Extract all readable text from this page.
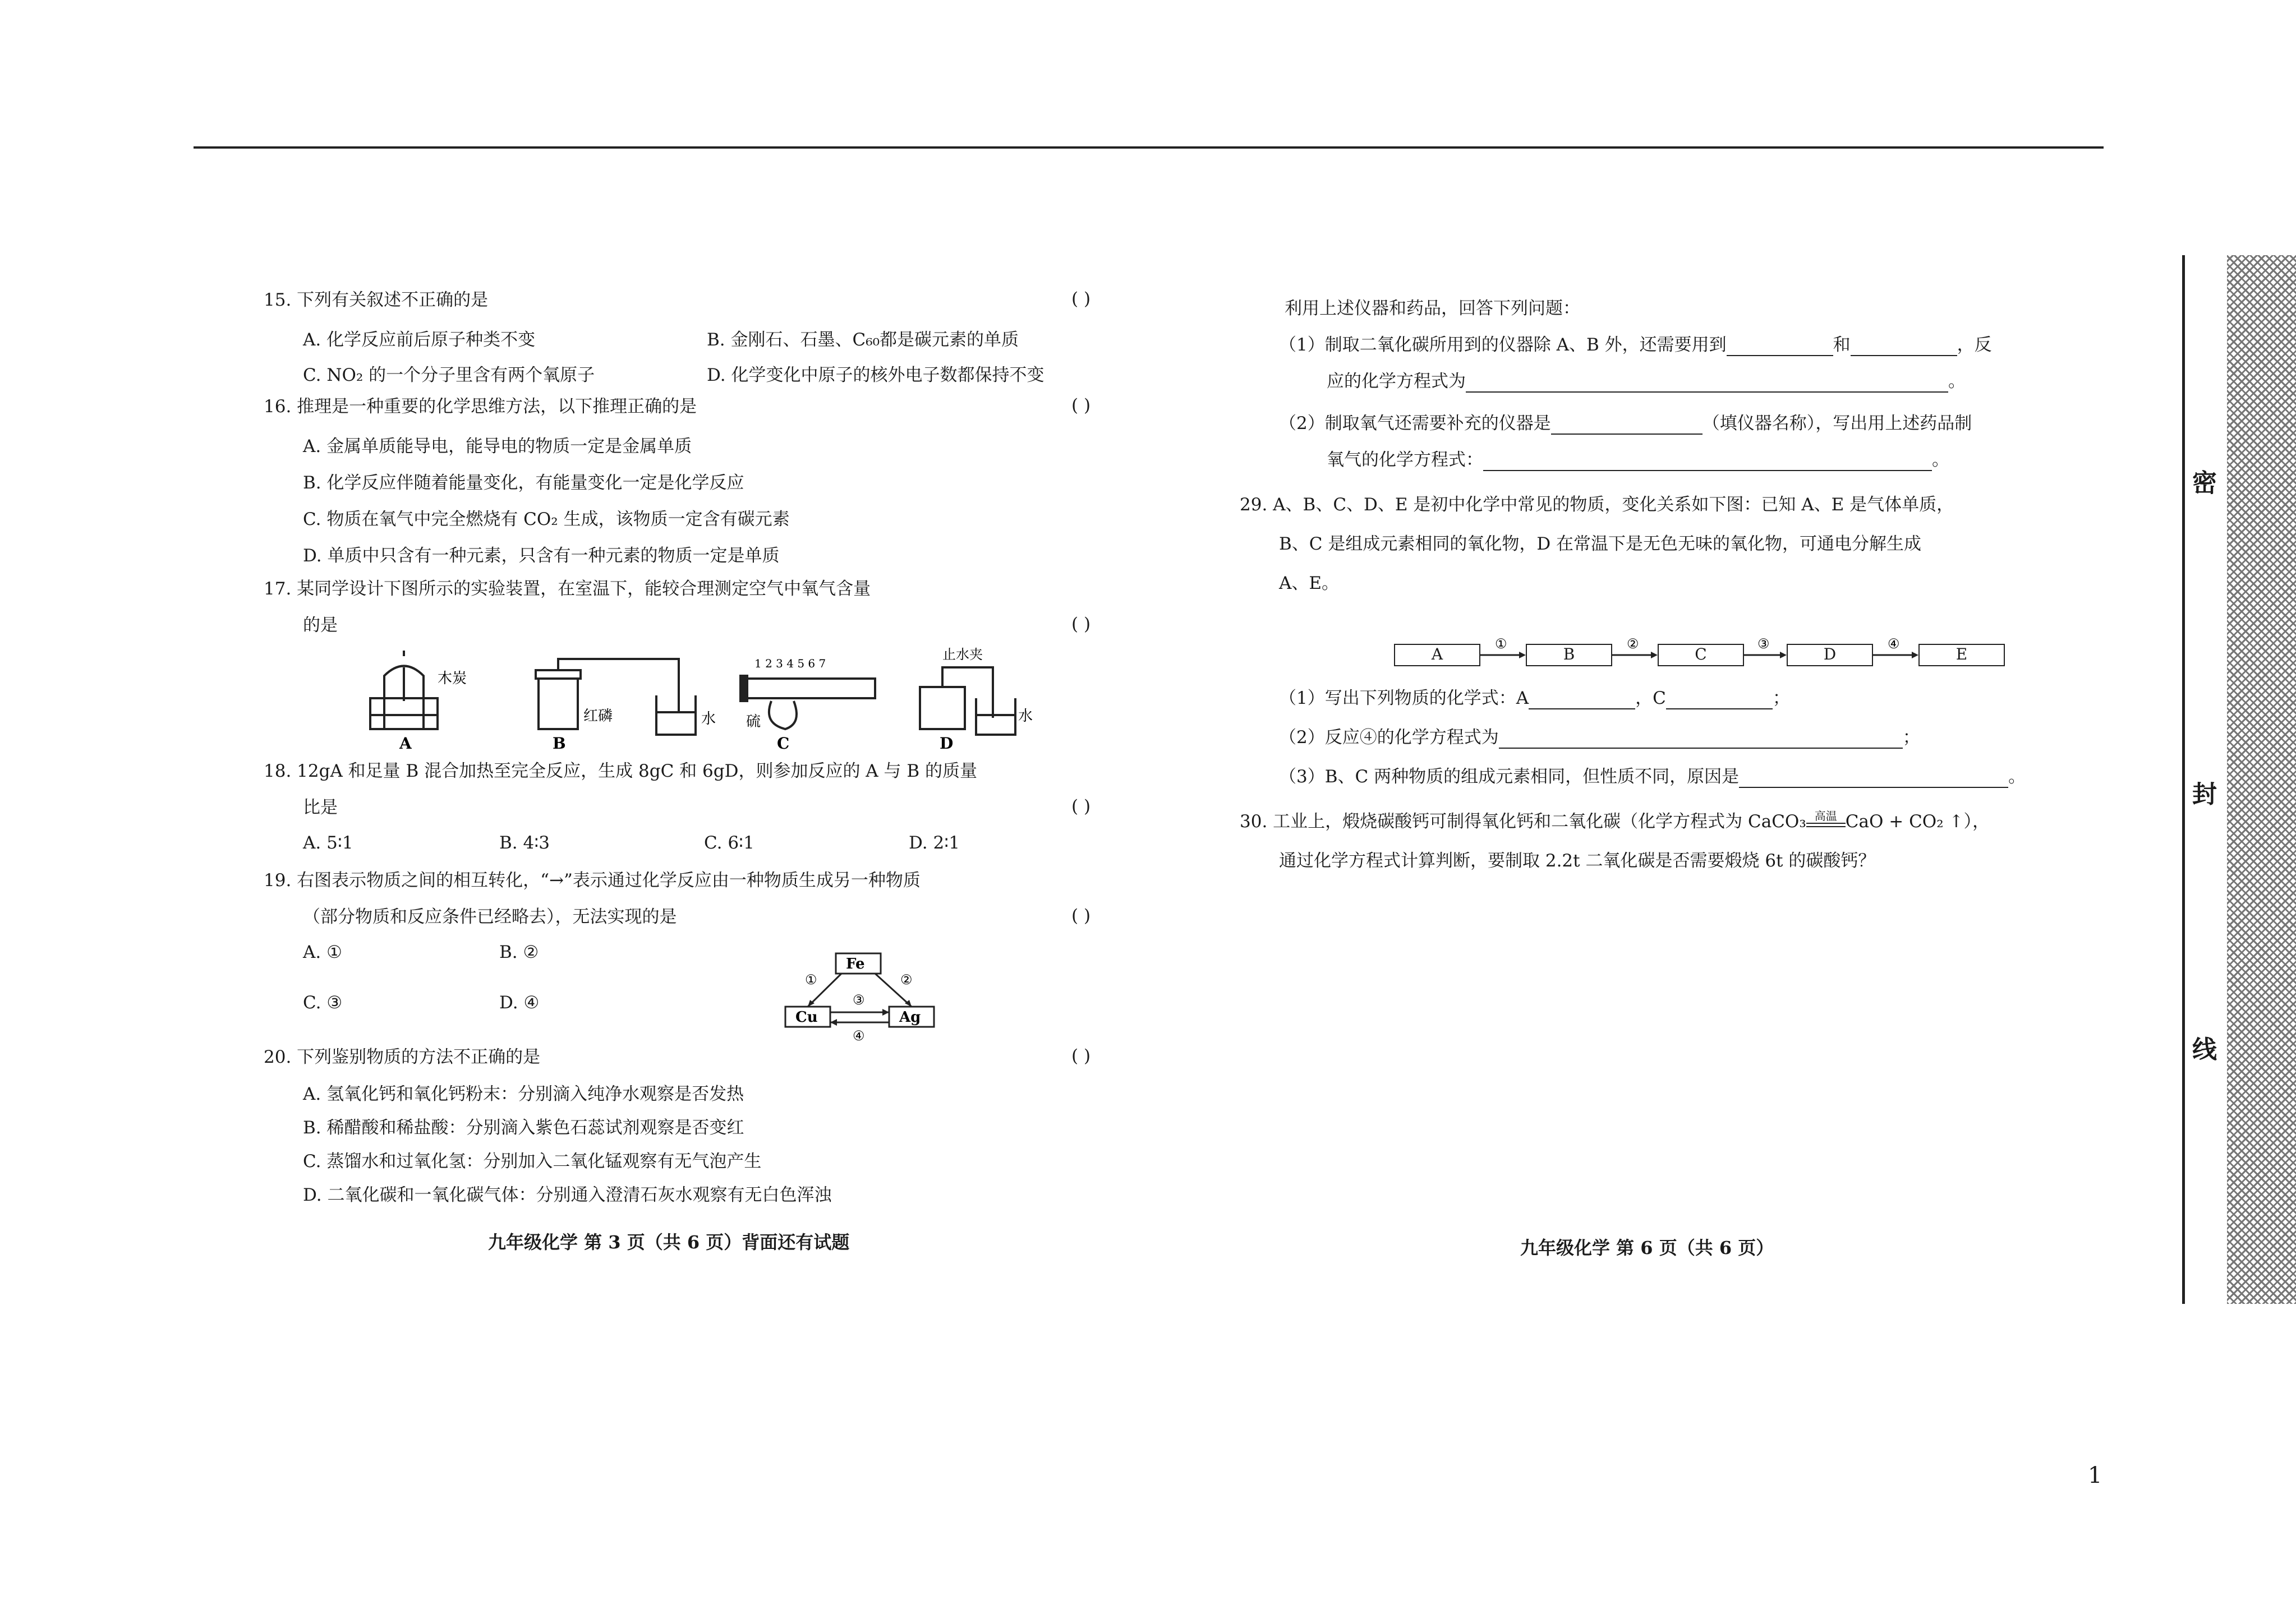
15. 下列有关叙述不正确的是	( )
A. 化学反应前后原子种类不变	B. 金刚石、石墨、C₆₀都是碳元素的单质
C. NO₂ 的一个分子里含有两个氧原子	D. 化学变化中原子的核外电子数都保持不变
16. 推理是一种重要的化学思维方法，以下推理正确的是	( )
A. 金属单质能导电，能导电的物质一定是金属单质
B. 化学反应伴随着能量变化，有能量变化一定是化学反应
C. 物质在氧气中完全燃烧有 CO₂ 生成，该物质一定含有碳元素
D. 单质中只含有一种元素，只含有一种元素的物质一定是单质
17. 某同学设计下图所示的实验装置，在室温下，能较合理测定空气中氧气含量
的是	( )
木炭
A
红磷	水
B
1 2 3 4 5 6 7
硫
C
止水夹
水
D
18. 12gA 和足量 B 混合加热至完全反应，生成 8gC 和 6gD，则参加反应的 A 与 B 的质量
比是	( )
A. 5∶1	B. 4∶3	C. 6∶1	D. 2∶1
19. 右图表示物质之间的相互转化，“→”表示通过化学反应由一种物质生成另一种物质
（部分物质和反应条件已经略去），无法实现的是	( )
A. ①	B. ②
C. ③	D. ④
Fe
Cu	Ag
①	②
③
④
20. 下列鉴别物质的方法不正确的是	( )
A. 氢氧化钙和氧化钙粉末：分别滴入纯净水观察是否发热
B. 稀醋酸和稀盐酸：分别滴入紫色石蕊试剂观察是否变红
C. 蒸馏水和过氧化氢：分别加入二氧化锰观察有无气泡产生
D. 二氧化碳和一氧化碳气体：分别通入澄清石灰水观察有无白色浑浊
九年级化学 第 3 页（共 6 页）背面还有试题
利用上述仪器和药品，回答下列问题：
（1）制取二氧化碳所用到的仪器除 A、B 外，还需要用到	和	，反
应的化学方程式为	。
（2）制取氧气还需要补充的仪器是	（填仪器名称），写出用上述药品制
氧气的化学方程式：	。
29. A、B、C、D、E 是初中化学中常见的物质，变化关系如下图：已知 A、E 是气体单质，
B、C 是组成元素相同的氧化物，D 在常温下是无色无味的氧化物，可通电分解生成
A、E。
A	B	C	D	E
①	②	③	④
（1）写出下列物质的化学式：A	，C	；
（2）反应④的化学方程式为	；
（3）B、C 两种物质的组成元素相同，但性质不同，原因是	。
30. 工业上，煅烧碳酸钙可制得氧化钙和二氧化碳（化学方程式为 CaCO₃ 高温 CaO + CO₂ ↑），
通过化学方程式计算判断，要制取 2.2t 二氧化碳是否需要煅烧 6t 的碳酸钙？
九年级化学 第 6 页（共 6 页）
密
封
线
1
